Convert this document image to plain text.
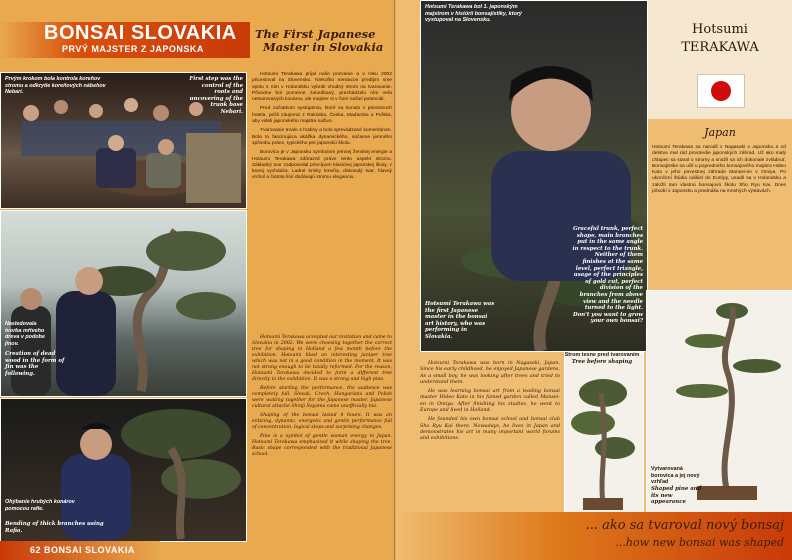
BONSAI SLOVAKIA
PRVÝ MAJSTER Z JAPONSKA
The First Japanese
Master in Slovakia
Prvým krokom bola kontrola koreňov stromu a odkrytie koreňových nábehov Nebari.
First step was the control of the roots and uncovering of the trunk base Nebari.
Nasledovala tvorba mŕtveho dreva v podobe jinov.
Creation of dead wood in the form of Jin was the following.
Ohýbanie hrubých konárov pomocou rafie.
Bending of thick branches using Rafia.

Hotsumi Terakawa prijal naše pozvanie a v roku 2002 pricestoval na Slovensko. Niekoľko mesiacov predtým sme spolu s ním v Holandsku vybrali vhodný strom na tvarovanie. Pôvodne bol pomerne zanedbaný, prechádzalo ním veľa netvarovaných konárov, ale majster si v ňom našiel potenciál.

Pred začiatkom vystúpenia, ktoré sa konalo v priestoroch hotela, prišli záujemci z Rakúska, Česka, Maďarska a Poľska, aby videli japonského majstra naživo.

Tvarovanie trvalo 4 hodiny a bolo sprevádzané komentárom. Bola to fascinujúca ukážka dynamického, súčasne jemného spôsobu práce, typického pre japonskú školu.

Borovica je v Japonsku symbolom jemnej ženskej energie a Hotsumi Terakawa zdôraznil práve tento aspekt stromu. Základný tvar zodpovedal princípom klasickej japonskej školy, z ktorej vychádza. Ladné krivky kmeňa, dokonalý tvar, hlavný vrchol a čistota línií dodávajú stromu eleganciu.

Hotsumi Terakawa accepted our invitation and came to Slovakia in 2002. We were choosing together the correct tree for shaping in Holland a few month before the exhibition. Hotsumi liked an interesting juniper tree which was not in a good condition in the moment. It was not strong enough to be totally reformed. For the reason, Hotsumi Terakawa decided to form a different tree directly in the exhibition. It was a strong and high pine.

Before starting the performance, the audience was completely full. Slovak, Czech, Hungarians and Polish were waiting together for the Japanese master. Japanese cultural attaché Shinji Soyama came unofficially too.

Shaping of the bonsai lasted 4 hours. It was an enticing, dynamic, energetic and gentle performance full of concentration, logical steps and surprising changes.

Pine is a symbol of gentle woman energy in Japan. Hotsumi Terakawa emphasized it while shaping the tree. Basic shape corresponded with the traditional Japanese school.

62 BONSAI SLOVAKIA
Hotsumi Terakawa bol 1. japonským majstrom v histórii bonsajistiky, ktorý vystupoval na Slovensku.
Hotsumi Terakawa was the first Japanese master in the bonsai art history, who was performing in Slovakia.
Graceful trunk, perfect shape, main branches put in the same angle in respect to the trunk. Neither of them finishes at the same level, perfect triangle, usage of the principles of gold cut, perfect division of the branches from above view and the needle turned to the light. Don't you want to grow your own bonsai?
Hotsumi
TERAKAWA
Japan
Hotsumi Terakawa sa narodil v Nagasaki v Japonsku a od detstva mal rád prostredie japonských záhrad. Už ako malý chlapec sa staral o stromy a snažil sa ich dokonale zvládnuť. Bonsajistike sa učil u popredného bonsajového majstra Hideo Kato v jeho povestnej záhrade Mansei-en v Omiya. Po ukončení štúdia odišiel do Európy, usadil sa v Holandsku a založil tam vlastnú bonsajovú školu Sho Ryu Kai. Dnes pôsobí v Japonsku a prednáša na mnohých výstavách.

Hotsumi Terakawa was born in Nagasaki, Japan. Since his early childhood, he enjoyed Japanese gardens. As a small boy, he was looking after trees and tried to understand them.

He was learning bonsai art from a leading bonsai master Hideo Kato in his famed garden called Mansei-en in Omiya. After finishing his studies, he went to Europe and lived in Holland.

He founded his own bonsai school and bonsai club Sho Ryu Kai there. Nowadays, he lives in Japan and demonstrates his art in many important world forums and exhibitions.

Strom tesne pred tvarovaním
Tree before shaping
Vytvarovaná borovica a jej nový vzhľad
Shaped pine and its new appearance
... ako sa tvaroval nový bonsaj
...how new bonsai was shaped
